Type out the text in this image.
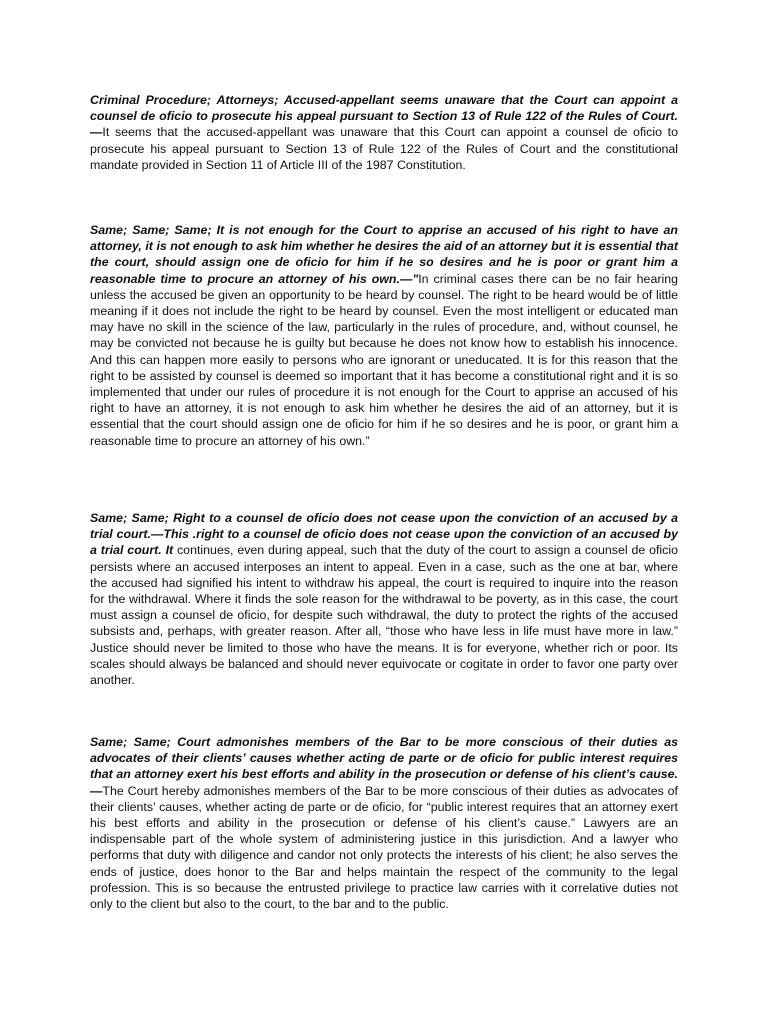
Criminal Procedure; Attorneys; Accused-appellant seems unaware that the Court can appoint a counsel de oficio to prosecute his appeal pursuant to Section 13 of Rule 122 of the Rules of Court.—It seems that the accused-appellant was unaware that this Court can appoint a counsel de oficio to prosecute his appeal pursuant to Section 13 of Rule 122 of the Rules of Court and the constitutional mandate provided in Section 11 of Article III of the 1987 Constitution.

Same; Same; Same; It is not enough for the Court to apprise an accused of his right to have an attorney, it is not enough to ask him whether he desires the aid of an attorney but it is essential that the court, should assign one de oficio for him if he so desires and he is poor or grant him a reasonable time to procure an attorney of his own.—"In criminal cases there can be no fair hearing unless the accused be given an opportunity to be heard by counsel. The right to be heard would be of little meaning if it does not include the right to be heard by counsel. Even the most intelligent or educated man may have no skill in the science of the law, particularly in the rules of procedure, and, without counsel, he may be convicted not because he is guilty but because he does not know how to establish his innocence. And this can happen more easily to persons who are ignorant or uneducated. It is for this reason that the right to be assisted by counsel is deemed so important that it has become a constitutional right and it is so implemented that under our rules of procedure it is not enough for the Court to apprise an accused of his right to have an attorney, it is not enough to ask him whether he desires the aid of an attorney, but it is essential that the court should assign one de oficio for him if he so desires and he is poor, or grant him a reasonable time to procure an attorney of his own.”

Same; Same; Right to a counsel de oficio does not cease upon the conviction of an accused by a trial court.—This .right to a counsel de oficio does not cease upon the conviction of an accused by a trial court. It continues, even during appeal, such that the duty of the court to assign a counsel de oficio persists where an accused interposes an intent to appeal. Even in a case, such as the one at bar, where the accused had signified his intent to withdraw his appeal, the court is required to inquire into the reason for the withdrawal. Where it finds the sole reason for the withdrawal to be poverty, as in this case, the court must assign a counsel de oficio, for despite such withdrawal, the duty to protect the rights of the accused subsists and, perhaps, with greater reason. After all, “those who have less in life must have more in law.” Justice should never be limited to those who have the means. It is for everyone, whether rich or poor. Its scales should always be balanced and should never equivocate or cogitate in order to favor one party over another.

Same; Same; Court admonishes members of the Bar to be more conscious of their duties as advocates of their clients’ causes whether acting de parte or de oficio for public interest requires that an attorney exert his best efforts and ability in the prosecution or defense of his client’s cause.—The Court hereby admonishes members of the Bar to be more conscious of their duties as advocates of their clients’ causes, whether acting de parte or de oficio, for “public interest requires that an attorney exert his best efforts and ability in the prosecution or defense of his client’s cause.” Lawyers are an indispensable part of the whole system of administering justice in this jurisdiction. And a lawyer who performs that duty with diligence and candor not only protects the interests of his client; he also serves the ends of justice, does honor to the Bar and helps maintain the respect of the community to the legal profession. This is so because the entrusted privilege to practice law carries with it correlative duties not only to the client but also to the court, to the bar and to the public.
